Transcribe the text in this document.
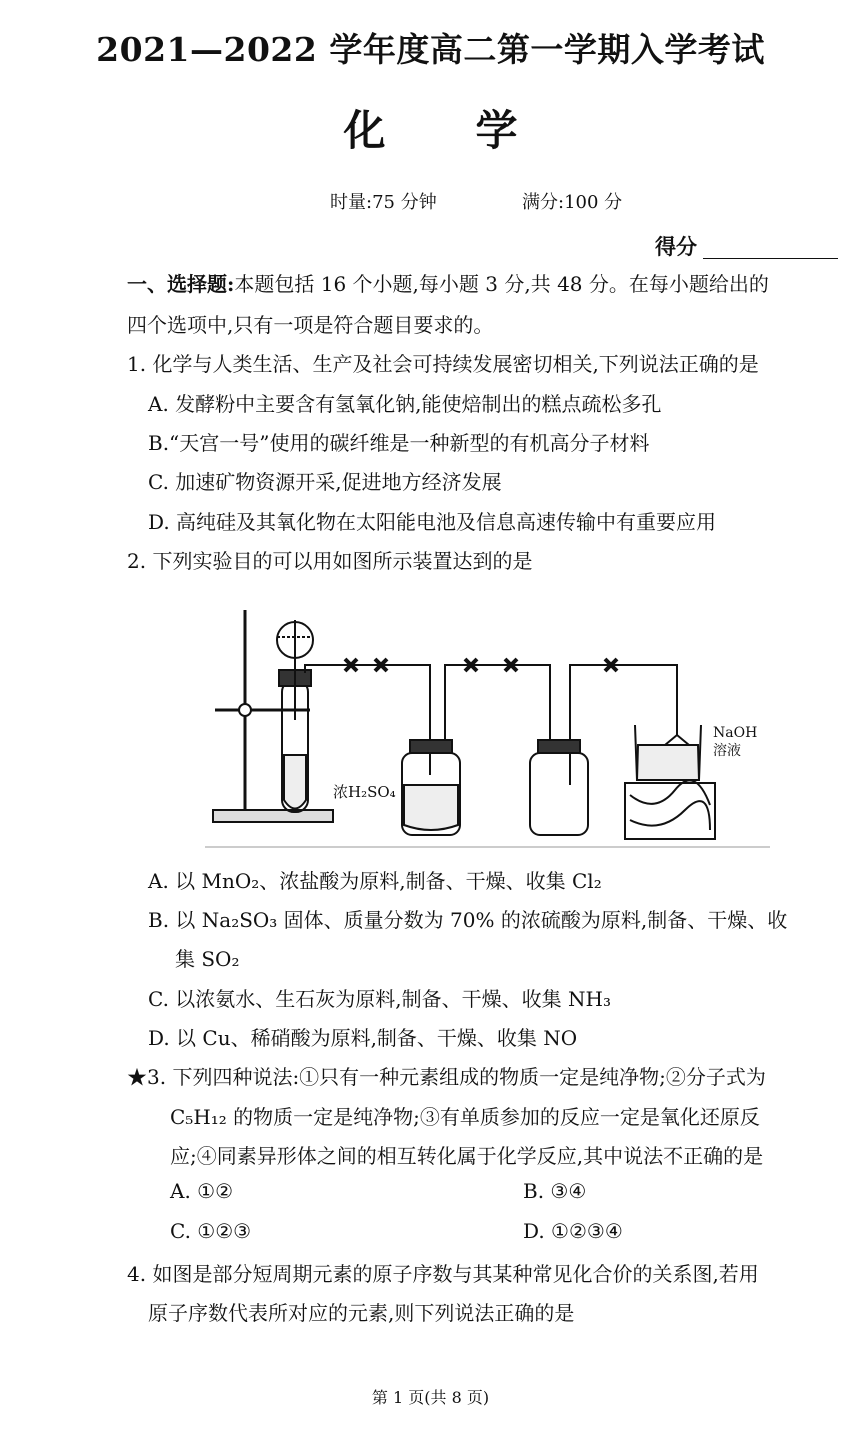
2021—2022 学年度高二第一学期入学考试
化学
时量:75 分钟	满分:100 分
得分
一、选择题:本题包括 16 个小题,每小题 3 分,共 48 分。在每小题给出的
四个选项中,只有一项是符合题目要求的。
1. 化学与人类生活、生产及社会可持续发展密切相关,下列说法正确的是
A. 发酵粉中主要含有氢氧化钠,能使焙制出的糕点疏松多孔
B.“天宫一号”使用的碳纤维是一种新型的有机高分子材料
C. 加速矿物资源开采,促进地方经济发展
D. 高纯硅及其氧化物在太阳能电池及信息高速传输中有重要应用
2. 下列实验目的可以用如图所示装置达到的是
浓H₂SO₄
NaOH
溶液
A. 以 MnO₂、浓盐酸为原料,制备、干燥、收集 Cl₂
B. 以 Na₂SO₃ 固体、质量分数为 70% 的浓硫酸为原料,制备、干燥、收
集 SO₂
C. 以浓氨水、生石灰为原料,制备、干燥、收集 NH₃
D. 以 Cu、稀硝酸为原料,制备、干燥、收集 NO
★3. 下列四种说法:①只有一种元素组成的物质一定是纯净物;②分子式为
C₅H₁₂ 的物质一定是纯净物;③有单质参加的反应一定是氧化还原反
应;④同素异形体之间的相互转化属于化学反应,其中说法不正确的是
A. ①②	B. ③④
C. ①②③	D. ①②③④
4. 如图是部分短周期元素的原子序数与其某种常见化合价的关系图,若用
原子序数代表所对应的元素,则下列说法正确的是
第 1 页(共 8 页)
